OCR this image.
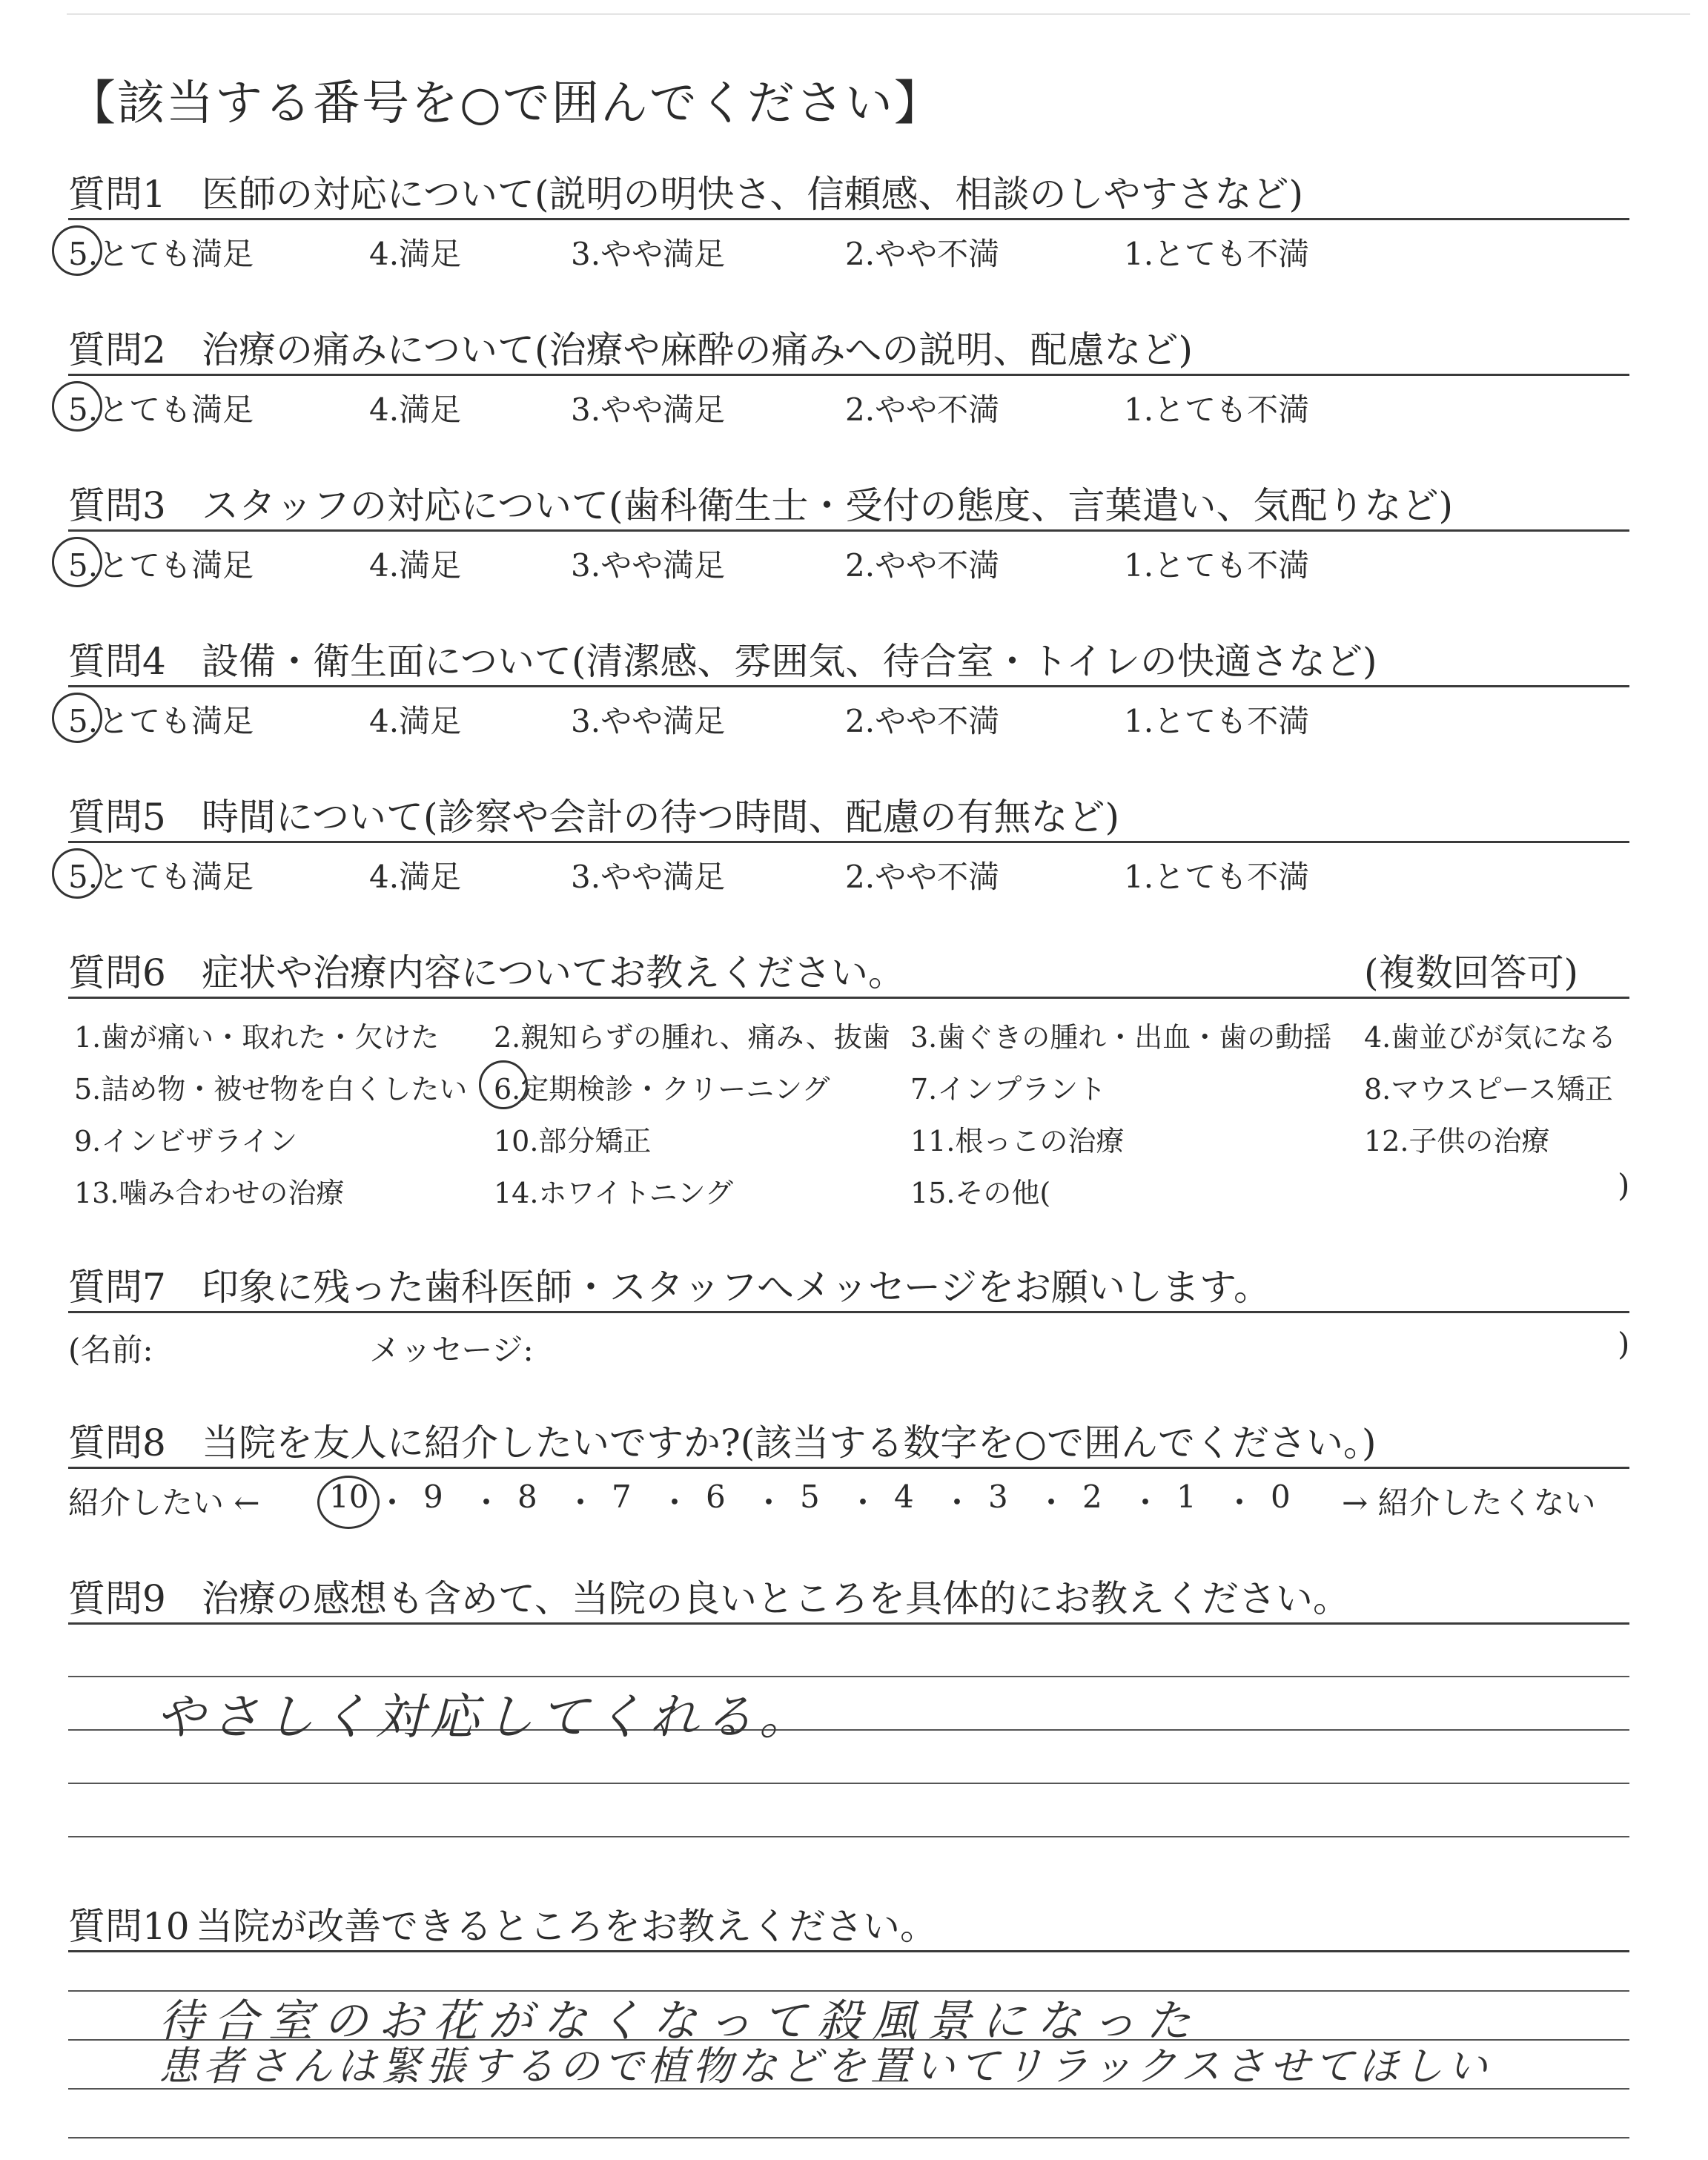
【該当する番号を○で囲んでください】
質問1 医師の対応について(説明の明快さ、信頼感、相談のしやすさなど)
5.とても満足	4.満足	3.やや満足	2.やや不満	1.とても不満
質問2 治療の痛みについて(治療や麻酔の痛みへの説明、配慮など)
5.とても満足	4.満足	3.やや満足	2.やや不満	1.とても不満
質問3 スタッフの対応について(歯科衛生士・受付の態度、言葉遣い、気配りなど)
5.とても満足	4.満足	3.やや満足	2.やや不満	1.とても不満
質問4 設備・衛生面について(清潔感、雰囲気、待合室・トイレの快適さなど)
5.とても満足	4.満足	3.やや満足	2.やや不満	1.とても不満
質問5 時間について(診察や会計の待つ時間、配慮の有無など)
5.とても満足	4.満足	3.やや満足	2.やや不満	1.とても不満
質問6 症状や治療内容についてお教えください。	(複数回答可)
1.歯が痛い・取れた・欠けた 2.親知らずの腫れ、痛み、抜歯 3.歯ぐきの腫れ・出血・歯の動揺 4.歯並びが気になる
5.詰め物・被せ物を白くしたい 6.定期検診・クリーニング	7.インプラント	8.マウスピース矯正
9.インビザライン	10.部分矯正	11.根っこの治療	12.子供の治療
13.噛み合わせの治療	14.ホワイトニング	15.その他(	)
質問7 印象に残った歯科医師・スタッフへメッセージをお願いします。
(名前:	メッセージ:	)
質問8 当院を友人に紹介したいですか?(該当する数字を○で囲んでください。)
紹介したい ←	→ 紹介したくない
10 ・ 9 ・ 8 ・ 7 ・ 6 ・ 5 ・ 4 ・ 3 ・ 2 ・ 1 ・ 0
質問9 治療の感想も含めて、当院の良いところを具体的にお教えください。
やさしく対応してくれる。
質問10 当院が改善できるところをお教えください。
待合室のお花がなくなって殺風景になった
患者さんは緊張するので植物などを置いてリラックスさせてほしい
